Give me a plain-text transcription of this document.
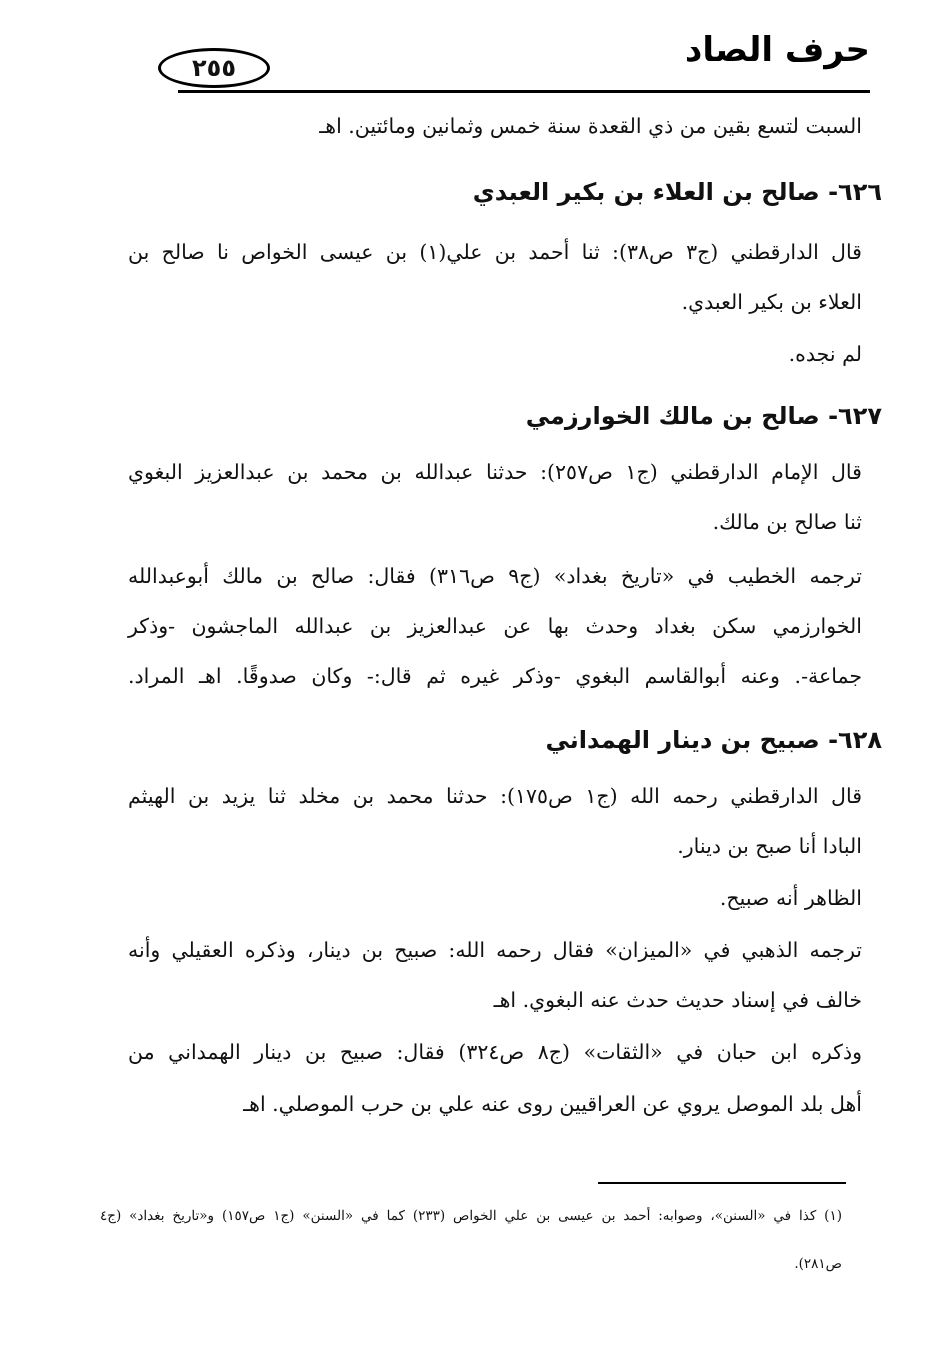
حرف الصاد
٢٥٥
السبت لتسع بقين من ذي القعدة سنة خمس وثمانين ومائتين. اهـ
قال الدارقطني (ج٣ ص٣٨): ثنا أحمد بن علي(١) بن عيسى الخواص نا صالح بن
العلاء بن بكير العبدي.
لم نجده.
قال الإمام الدارقطني (ج١ ص٢٥٧): حدثنا عبدالله بن محمد بن عبدالعزيز البغوي
ثنا صالح بن مالك.
ترجمه الخطيب في «تاريخ بغداد» (ج٩ ص٣١٦) فقال: صالح بن مالك أبوعبدالله
الخوارزمي سكن بغداد وحدث بها عن عبدالعزيز بن عبدالله الماجشون -وذكر
جماعة-. وعنه أبوالقاسم البغوي -وذكر غيره ثم قال:- وكان صدوقًا. اهـ المراد.
قال الدارقطني رحمه الله (ج١ ص١٧٥): حدثنا محمد بن مخلد ثنا يزيد بن الهيثم
البادا أنا صبح بن دينار.
الظاهر أنه صبيح.
ترجمه الذهبي في «الميزان» فقال رحمه الله: صبيح بن دينار، وذكره العقيلي وأنه
خالف في إسناد حديث حدث عنه البغوي. اهـ
وذكره ابن حبان في «الثقات» (ج٨ ص٣٢٤) فقال: صبيح بن دينار الهمداني من
أهل بلد الموصل يروي عن العراقيين روى عنه علي بن حرب الموصلي. اهـ
٦٢٦- صالح بن العلاء بن بكير العبدي
٦٢٧- صالح بن مالك الخوارزمي
٦٢٨- صبيح بن دينار الهمداني
(١) كذا في «السنن»، وصوابه: أحمد بن عيسى بن علي الخواص (٢٣٣) كما في «السنن» (ج١ ص١٥٧) و«تاريخ بغداد» (ج٤
ص٢٨١).
